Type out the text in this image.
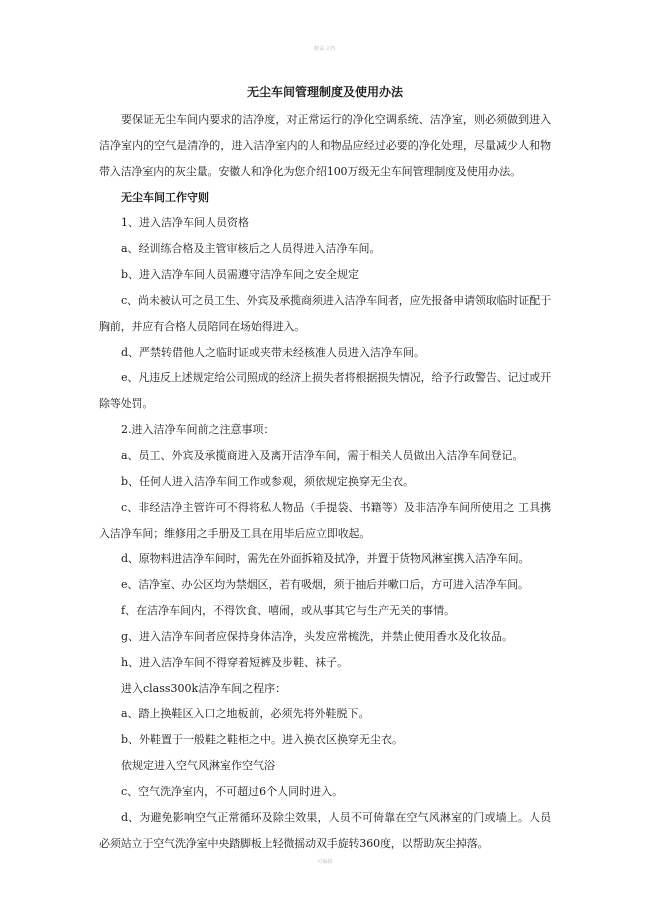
精品文档
无尘车间管理制度及使用办法

要保证无尘车间内要求的洁净度，对正常运行的净化空调系统、洁净室，则必须做到进入洁净室内的空气是清净的，进入洁净室内的人和物品应经过必要的净化处理，尽量减少人和物带入洁净室内的灰尘量。安徽人和净化为您介绍100万级无尘车间管理制度及使用办法。

无尘车间工作守则

1、进入洁净车间人员资格

a、经训练合格及主管审核后之人员得进入洁净车间。

b、进入洁净车间人员需遵守洁净车间之安全规定

c、尚未被认可之员工生、外宾及承揽商须进入洁净车间者，应先报备申请领取临时证配于胸前，并应有合格人员陪同在场始得进入。

d、严禁转借他人之临时证或夹带未经核准人员进入洁净车间。

e、凡违反上述规定给公司照成的经济上损失者将根据损失情况，给予行政警告、记过或开除等处罚。

2.进入洁净车间前之注意事项：

a、员工、外宾及承揽商进入及离开洁净车间，需于相关人员做出入洁净车间登记。

b、任何人进入洁净车间工作或参观，须依规定换穿无尘衣。

c、非经洁净主管许可不得将私人物品（手提袋、书籍等）及非洁净车间所使用之 工具携入洁净车间；维修用之手册及工具在用毕后应立即收起。

d、原物料进洁净车间时，需先在外面拆箱及拭净，并置于货物风淋室携入洁净车间。

e、洁净室、办公区均为禁烟区，若有吸烟，须于抽后并嗽口后，方可进入洁净车间。

f、在洁净车间内，不得饮食、嘻闹，或从事其它与生产无关的事情。

g、进入洁净车间者应保持身体洁净，头发应常梳洗，并禁止使用香水及化妆品。

h、进入洁净车间不得穿着短裤及步鞋、袜子。

进入class300k洁净车间之程序：

a、踏上换鞋区入口之地板前，必须先将外鞋脱下。

b、外鞋置于一般鞋之鞋柜之中。进入换衣区换穿无尘衣。

依规定进入空气风淋室作空气浴

c、空气洗净室内，不可超过6个人同时进入。

d、为避免影响空气正常循环及除尘效果，人员不可倚靠在空气风淋室的门或墙上。人员必须站立于空气洗净室中央踏脚板上轻微摇动双手旋转360度，以帮助灰尘掉落。

可编辑
